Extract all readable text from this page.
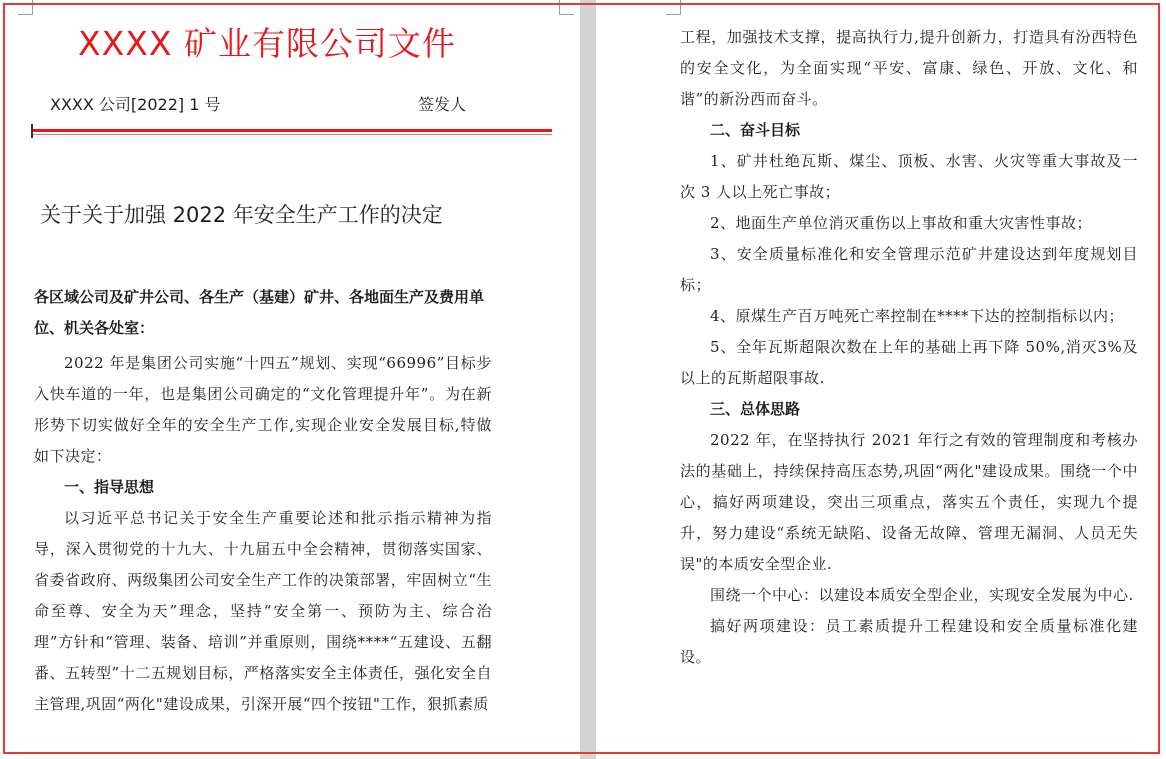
XXXX 矿业有限公司文件
XXXX 公司[2022] 1 号	签发人
关于关于加强 2022 年安全生产工作的决定
各区域公司及矿井公司、各生产（基建）矿井、各地面生产及费用单位、机关各处室：

2022 年是集团公司实施“十四五”规划、实现“66996”目标步入快车道的一年，也是集团公司确定的“文化管理提升年”。为在新形势下切实做好全年的安全生产工作,实现企业安全发展目标,特做如下决定：

一、指导思想

以习近平总书记关于安全生产重要论述和批示指示精神为指导，深入贯彻党的十九大、十九届五中全会精神，贯彻落实国家、省委省政府、两级集团公司安全生产工作的决策部署，牢固树立“生命至尊、安全为天”理念，坚持“安全第一、预防为主、综合治理”方针和“管理、装备、培训”并重原则，围绕****“五建设、五翻番、五转型”十二五规划目标，严格落实安全主体责任，强化安全自主管理,巩固“两化"建设成果，引深开展“四个按钮"工作，狠抓素质

工程，加强技术支撑，提高执行力,提升创新力，打造具有汾西特色的安全文化，为全面实现“平安、富康、绿色、开放、文化、和谐”的新汾西而奋斗。

二、奋斗目标

1、矿井杜绝瓦斯、煤尘、顶板、水害、火灾等重大事故及一次 3 人以上死亡事故；

2、地面生产单位消灭重伤以上事故和重大灾害性事故；

3、安全质量标准化和安全管理示范矿井建设达到年度规划目标；

4、原煤生产百万吨死亡率控制在****下达的控制指标以内；

5、全年瓦斯超限次数在上年的基础上再下降 50%,消灭3%及以上的瓦斯超限事故.

三、总体思路

2022 年，在坚持执行 2021 年行之有效的管理制度和考核办法的基础上，持续保持高压态势,巩固“两化"建设成果。围绕一个中心，搞好两项建设，突出三项重点，落实五个责任，实现九个提升，努力建设“系统无缺陷、设备无故障、管理无漏洞、人员无失误"的本质安全型企业.

围绕一个中心：以建设本质安全型企业，实现安全发展为中心.

搞好两项建设：员工素质提升工程建设和安全质量标准化建设。
